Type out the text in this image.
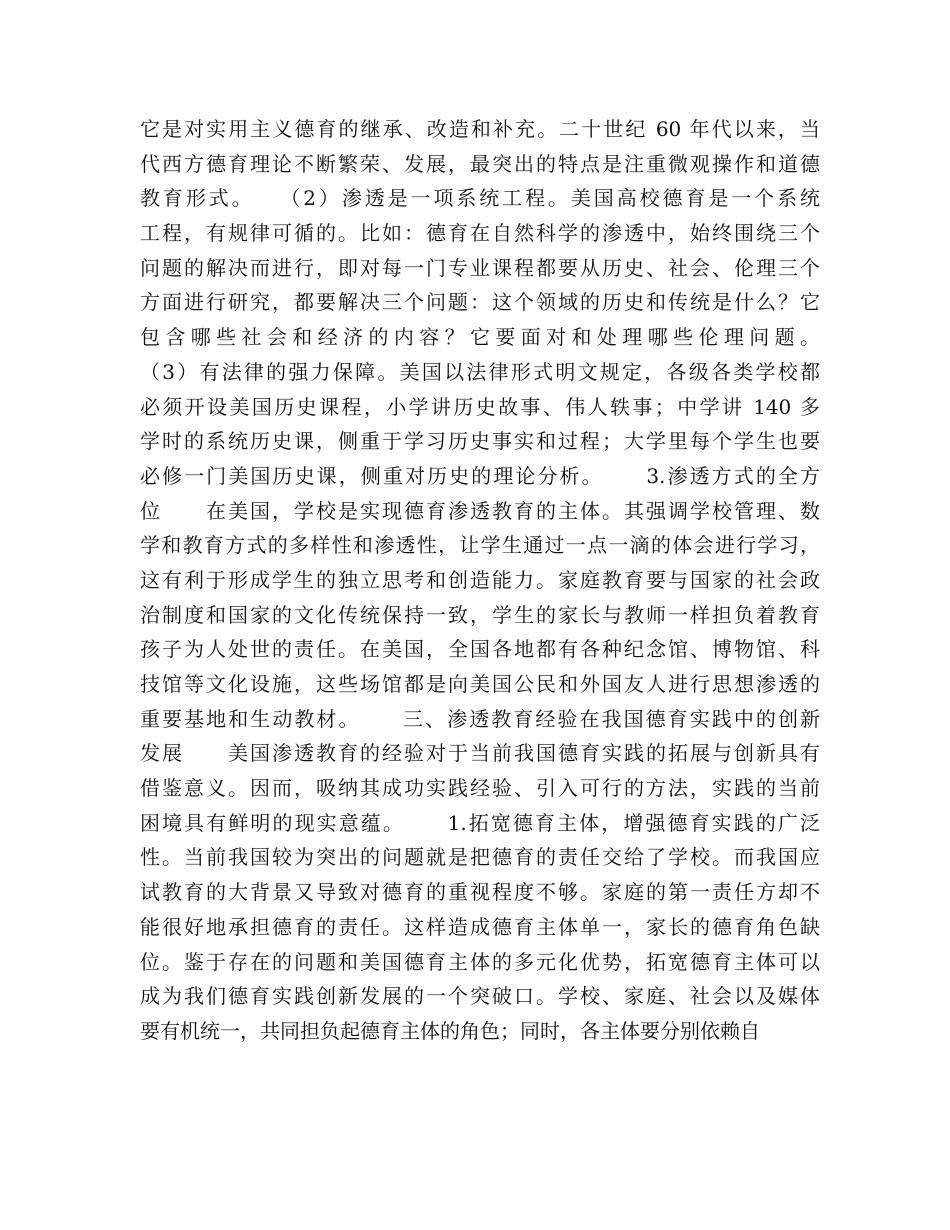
它是对实用主义德育的继承、改造和补充。二十世纪 60 年代以来，当
代西方德育理论不断繁荣、发展，最突出的特点是注重微观操作和道德
教育形式。　　（2）渗透是一项系统工程。美国高校德育是一个系统
工程，有规律可循的。比如：德育在自然科学的渗透中，始终围绕三个
问题的解决而进行，即对每一门专业课程都要从历史、社会、伦理三个
方面进行研究，都要解决三个问题：这个领域的历史和传统是什么？它
包含哪些社会和经济的内容？它要面对和处理哪些伦理问题。
（3）有法律的强力保障。美国以法律形式明文规定，各级各类学校都
必须开设美国历史课程，小学讲历史故事、伟人轶事；中学讲 140 多
学时的系统历史课，侧重于学习历史事实和过程；大学里每个学生也要
必修一门美国历史课，侧重对历史的理论分析。　　 3.渗透方式的全方
位　　在美国，学校是实现德育渗透教育的主体。其强调学校管理、数
学和教育方式的多样性和渗透性，让学生通过一点一滴的体会进行学习，
这有利于形成学生的独立思考和创造能力。家庭教育要与国家的社会政
治制度和国家的文化传统保持一致，学生的家长与教师一样担负着教育
孩子为人处世的责任。在美国，全国各地都有各种纪念馆、博物馆、科
技馆等文化设施，这些场馆都是向美国公民和外国友人进行思想渗透的
重要基地和生动教材。　　 三、渗透教育经验在我国德育实践中的创新
发展　　美国渗透教育的经验对于当前我国德育实践的拓展与创新具有
借鉴意义。因而，吸纳其成功实践经验、引入可行的方法，实践的当前
困境具有鲜明的现实意蕴。　　 1.拓宽德育主体，增强德育实践的广泛
性。当前我国较为突出的问题就是把德育的责任交给了学校。而我国应
试教育的大背景又导致对德育的重视程度不够。家庭的第一责任方却不
能很好地承担德育的责任。这样造成德育主体单一，家长的德育角色缺
位。鉴于存在的问题和美国德育主体的多元化优势，拓宽德育主体可以
成为我们德育实践创新发展的一个突破口。学校、家庭、社会以及媒体
要有机统一，共同担负起德育主体的角色；同时，各主体要分别依赖自
